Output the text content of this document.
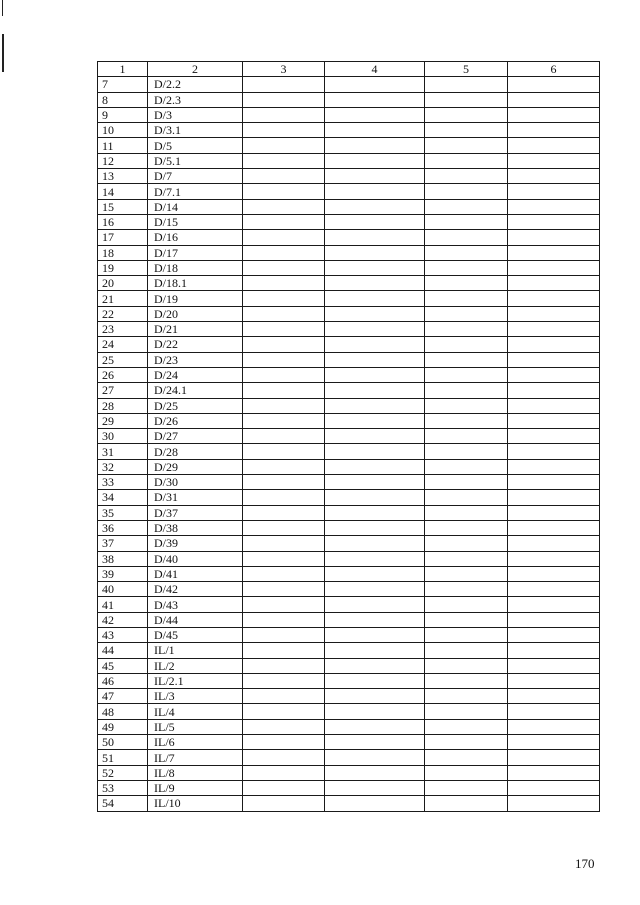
1	2	3	4	5	6
7	D/2.2				
8	D/2.3				
9	D/3				
10	D/3.1				
11	D/5				
12	D/5.1				
13	D/7				
14	D/7.1				
15	D/14				
16	D/15				
17	D/16				
18	D/17				
19	D/18				
20	D/18.1				
21	D/19				
22	D/20				
23	D/21				
24	D/22				
25	D/23				
26	D/24				
27	D/24.1				
28	D/25				
29	D/26				
30	D/27				
31	D/28				
32	D/29				
33	D/30				
34	D/31				
35	D/37				
36	D/38				
37	D/39				
38	D/40				
39	D/41				
40	D/42				
41	D/43				
42	D/44				
43	D/45				
44	IL/1				
45	IL/2				
46	IL/2.1				
47	IL/3				
48	IL/4				
49	IL/5				
50	IL/6				
51	IL/7				
52	IL/8				
53	IL/9				
54	IL/10				
170
